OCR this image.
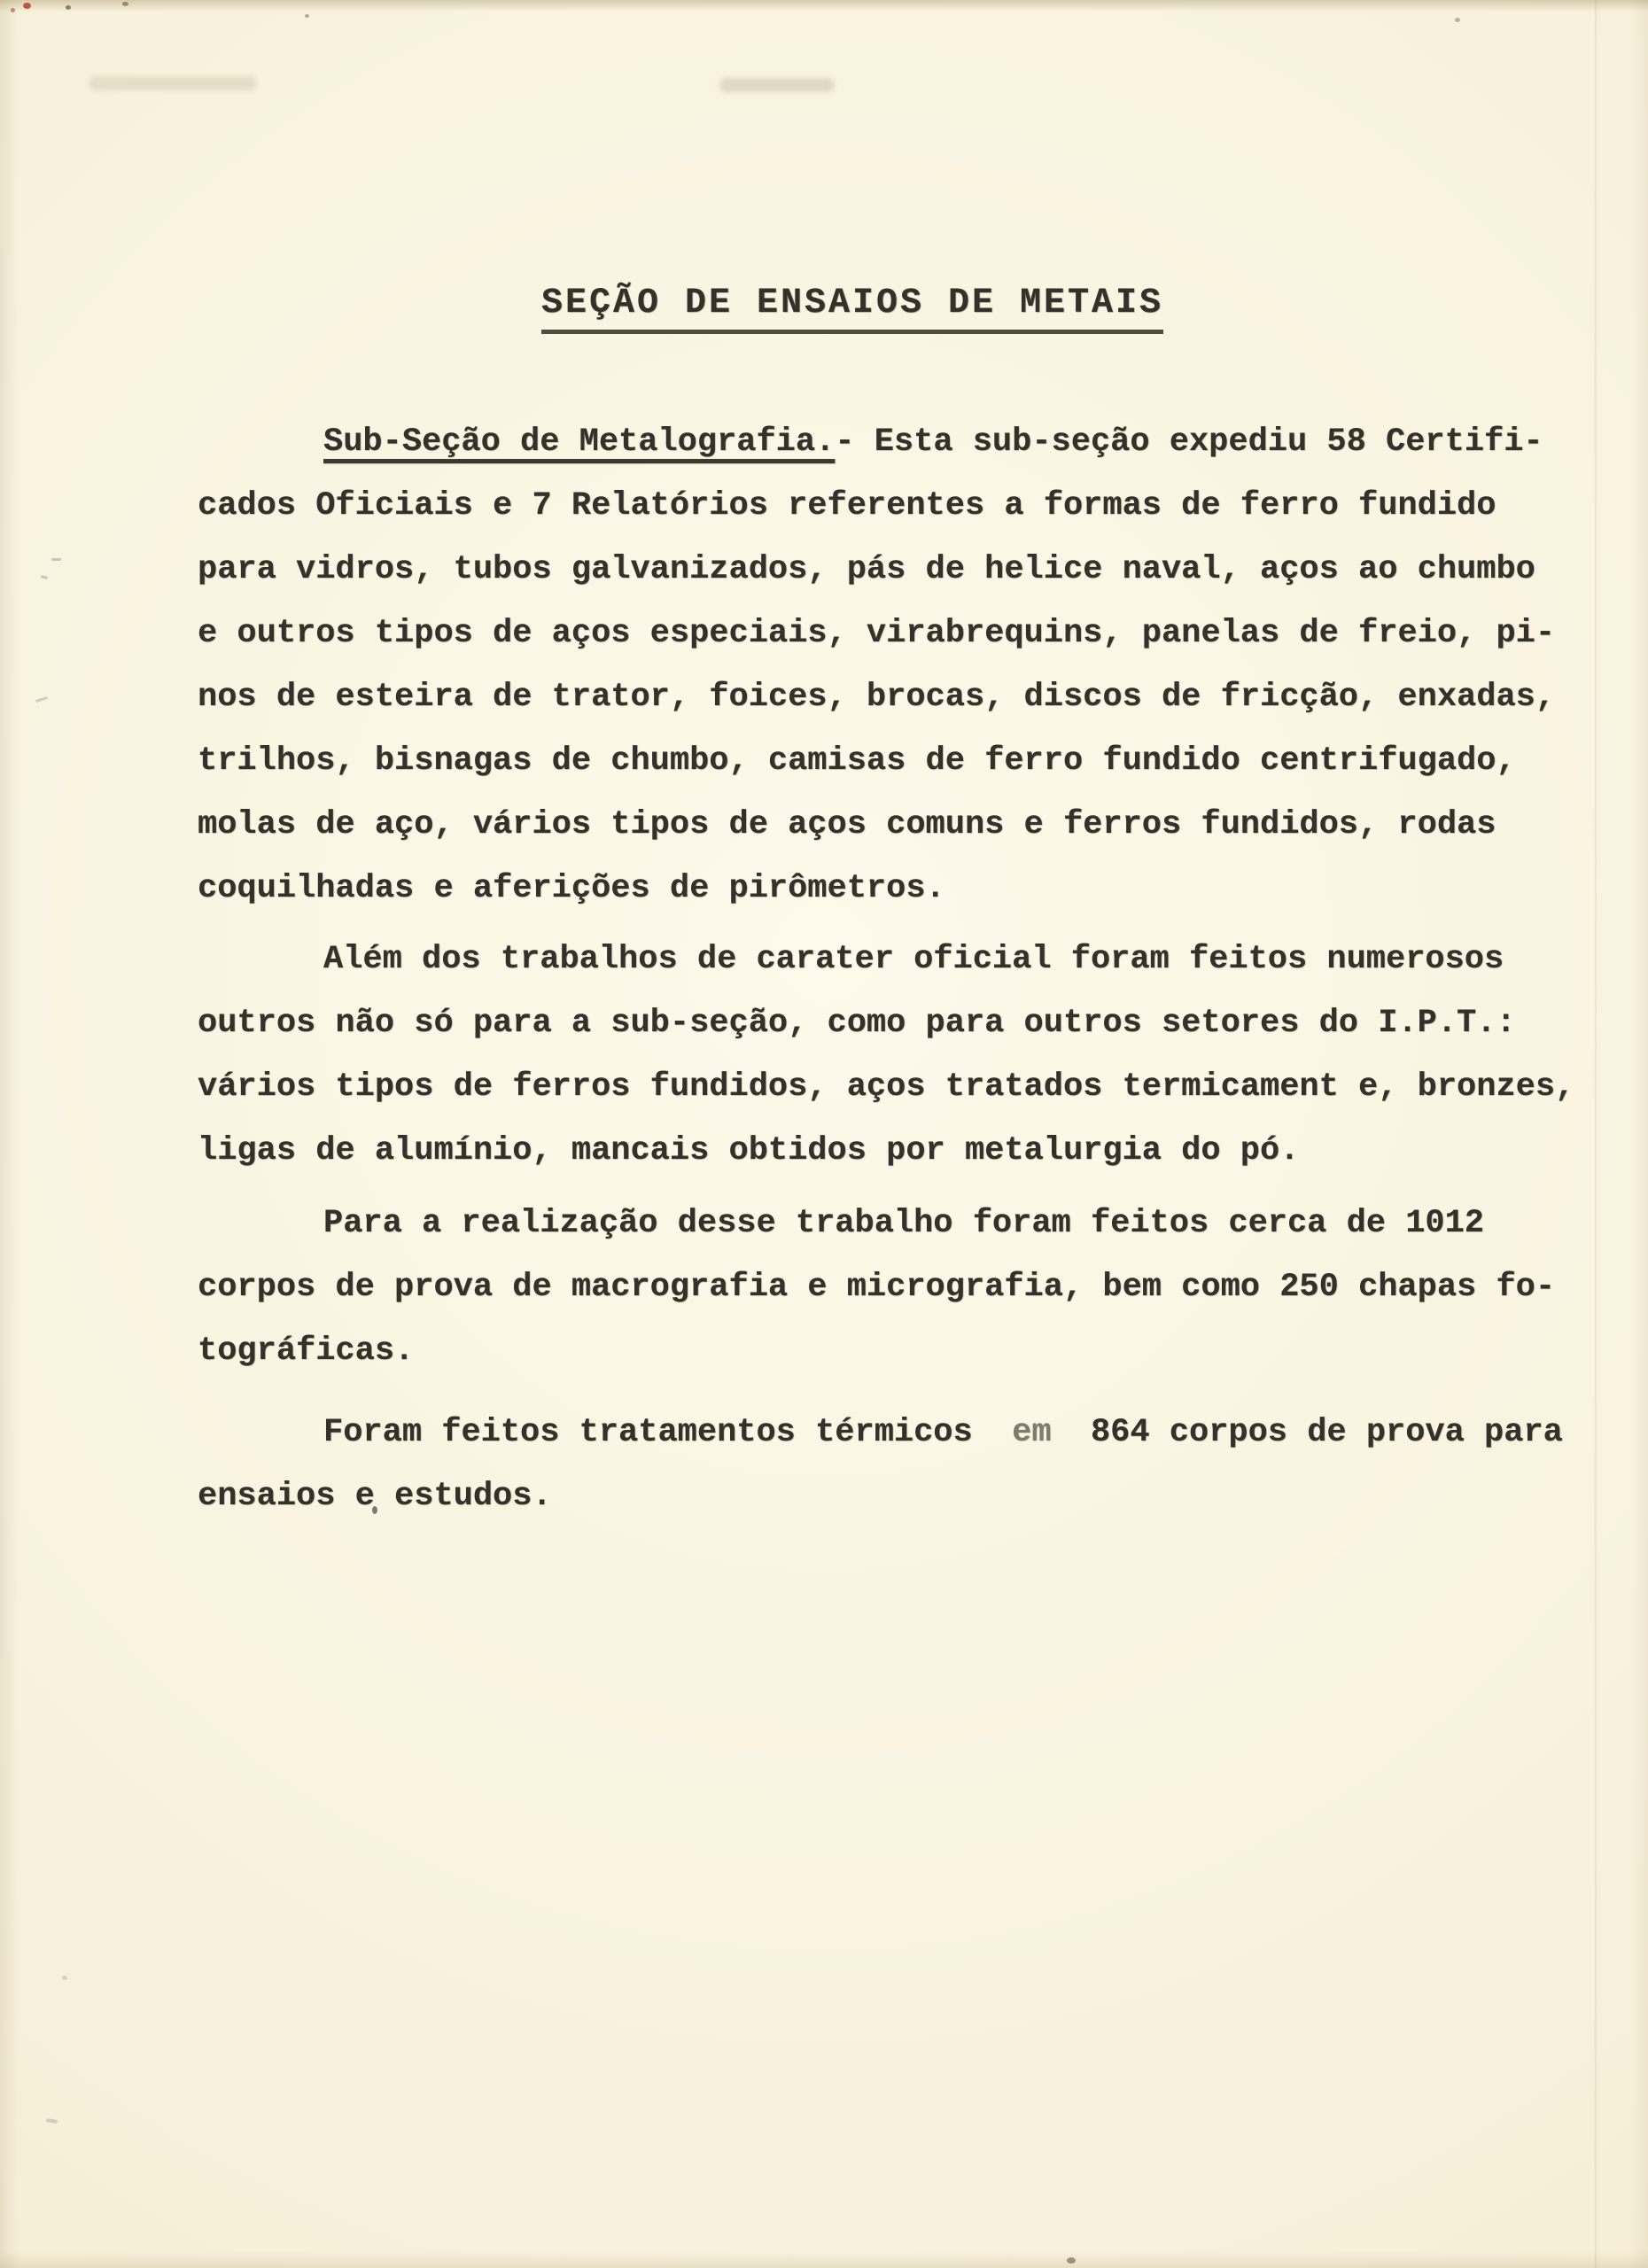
SEÇÃO DE ENSAIOS DE METAIS
Sub-Seção de Metalografia.- Esta sub-seção expediu 58 Certifi-
cados Oficiais e 7 Relatórios referentes a formas de ferro fundido
para vidros, tubos galvanizados, pás de helice naval, aços ao chumbo
e outros tipos de aços especiais, virabrequins, panelas de freio, pi-
nos de esteira de trator, foices, brocas, discos de fricção, enxadas,
trilhos, bisnagas de chumbo, camisas de ferro fundido centrifugado,
molas de aço, vários tipos de aços comuns e ferros fundidos, rodas
coquilhadas e aferições de pirômetros.
Além dos trabalhos de carater oficial foram feitos numerosos
outros não só para a sub-seção, como para outros setores do I.P.T.:
vários tipos de ferros fundidos, aços tratados termicament e, bronzes,
ligas de alumínio, mancais obtidos por metalurgia do pó.
Para a realização desse trabalho foram feitos cerca de 1012
corpos de prova de macrografia e micrografia, bem como 250 chapas fo-
tográficas.
Foram feitos tratamentos térmicos  em  864 corpos de prova para
ensaios e estudos.
